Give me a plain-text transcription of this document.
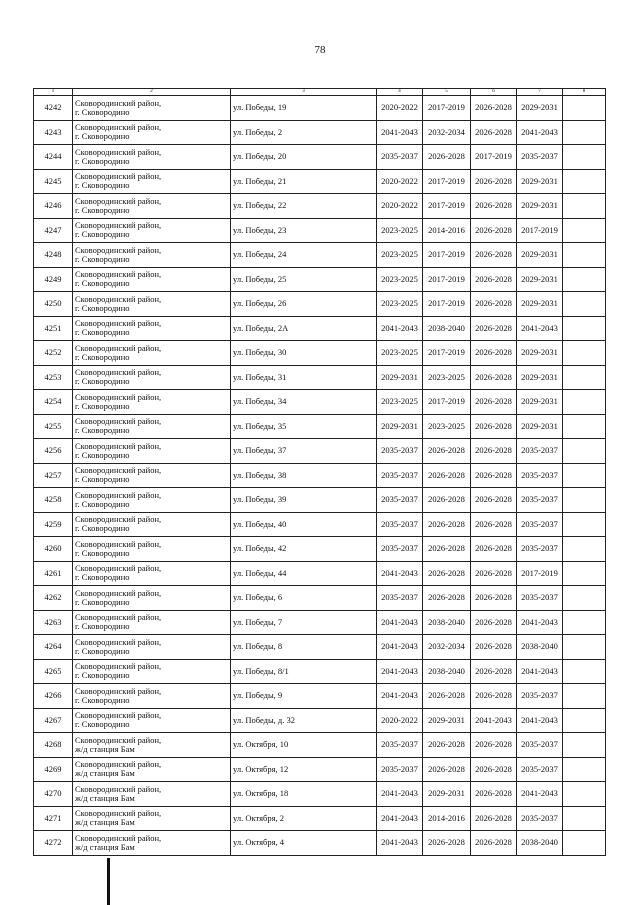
78
1	2	3	4	5	6	7	8
4242	Сковородинский район,
г. Сковородино	ул. Победы, 19	2020-2022	2017-2019	2026-2028	2029-2031	
4243	Сковородинский район,
г. Сковородино	ул. Победы, 2	2041-2043	2032-2034	2026-2028	2041-2043	
4244	Сковородинский район,
г. Сковородино	ул. Победы, 20	2035-2037	2026-2028	2017-2019	2035-2037	
4245	Сковородинский район,
г. Сковородино	ул. Победы, 21	2020-2022	2017-2019	2026-2028	2029-2031	
4246	Сковородинский район,
г. Сковородино	ул. Победы, 22	2020-2022	2017-2019	2026-2028	2029-2031	
4247	Сковородинский район,
г. Сковородино	ул. Победы, 23	2023-2025	2014-2016	2026-2028	2017-2019	
4248	Сковородинский район,
г. Сковородино	ул. Победы, 24	2023-2025	2017-2019	2026-2028	2029-2031	
4249	Сковородинский район,
г. Сковородино	ул. Победы, 25	2023-2025	2017-2019	2026-2028	2029-2031	
4250	Сковородинский район,
г. Сковородино	ул. Победы, 26	2023-2025	2017-2019	2026-2028	2029-2031	
4251	Сковородинский район,
г. Сковородино	ул. Победы, 2А	2041-2043	2038-2040	2026-2028	2041-2043	
4252	Сковородинский район,
г. Сковородино	ул. Победы, 30	2023-2025	2017-2019	2026-2028	2029-2031	
4253	Сковородинский район,
г. Сковородино	ул. Победы, 31	2029-2031	2023-2025	2026-2028	2029-2031	
4254	Сковородинский район,
г. Сковородино	ул. Победы, 34	2023-2025	2017-2019	2026-2028	2029-2031	
4255	Сковородинский район,
г. Сковородино	ул. Победы, 35	2029-2031	2023-2025	2026-2028	2029-2031	
4256	Сковородинский район,
г. Сковородино	ул. Победы, 37	2035-2037	2026-2028	2026-2028	2035-2037	
4257	Сковородинский район,
г. Сковородино	ул. Победы, 38	2035-2037	2026-2028	2026-2028	2035-2037	
4258	Сковородинский район,
г. Сковородино	ул. Победы, 39	2035-2037	2026-2028	2026-2028	2035-2037	
4259	Сковородинский район,
г. Сковородино	ул. Победы, 40	2035-2037	2026-2028	2026-2028	2035-2037	
4260	Сковородинский район,
г. Сковородино	ул. Победы, 42	2035-2037	2026-2028	2026-2028	2035-2037	
4261	Сковородинский район,
г. Сковородино	ул. Победы, 44	2041-2043	2026-2028	2026-2028	2017-2019	
4262	Сковородинский район,
г. Сковородино	ул. Победы, 6	2035-2037	2026-2028	2026-2028	2035-2037	
4263	Сковородинский район,
г. Сковородино	ул. Победы, 7	2041-2043	2038-2040	2026-2028	2041-2043	
4264	Сковородинский район,
г. Сковородино	ул. Победы, 8	2041-2043	2032-2034	2026-2028	2038-2040	
4265	Сковородинский район,
г. Сковородино	ул. Победы, 8/1	2041-2043	2038-2040	2026-2028	2041-2043	
4266	Сковородинский район,
г. Сковородино	ул. Победы, 9	2041-2043	2026-2028	2026-2028	2035-2037	
4267	Сковородинский район,
г. Сковородино	ул. Победы, д. 32	2020-2022	2029-2031	2041-2043	2041-2043	
4268	Сковородинский район,
ж/д станция Бам	ул. Октября, 10	2035-2037	2026-2028	2026-2028	2035-2037	
4269	Сковородинский район,
ж/д станция Бам	ул. Октября, 12	2035-2037	2026-2028	2026-2028	2035-2037	
4270	Сковородинский район,
ж/д станция Бам	ул. Октября, 18	2041-2043	2029-2031	2026-2028	2041-2043	
4271	Сковородинский район,
ж/д станция Бам	ул. Октября, 2	2041-2043	2014-2016	2026-2028	2035-2037	
4272	Сковородинский район,
ж/д станция Бам	ул. Октября, 4	2041-2043	2026-2028	2026-2028	2038-2040	
